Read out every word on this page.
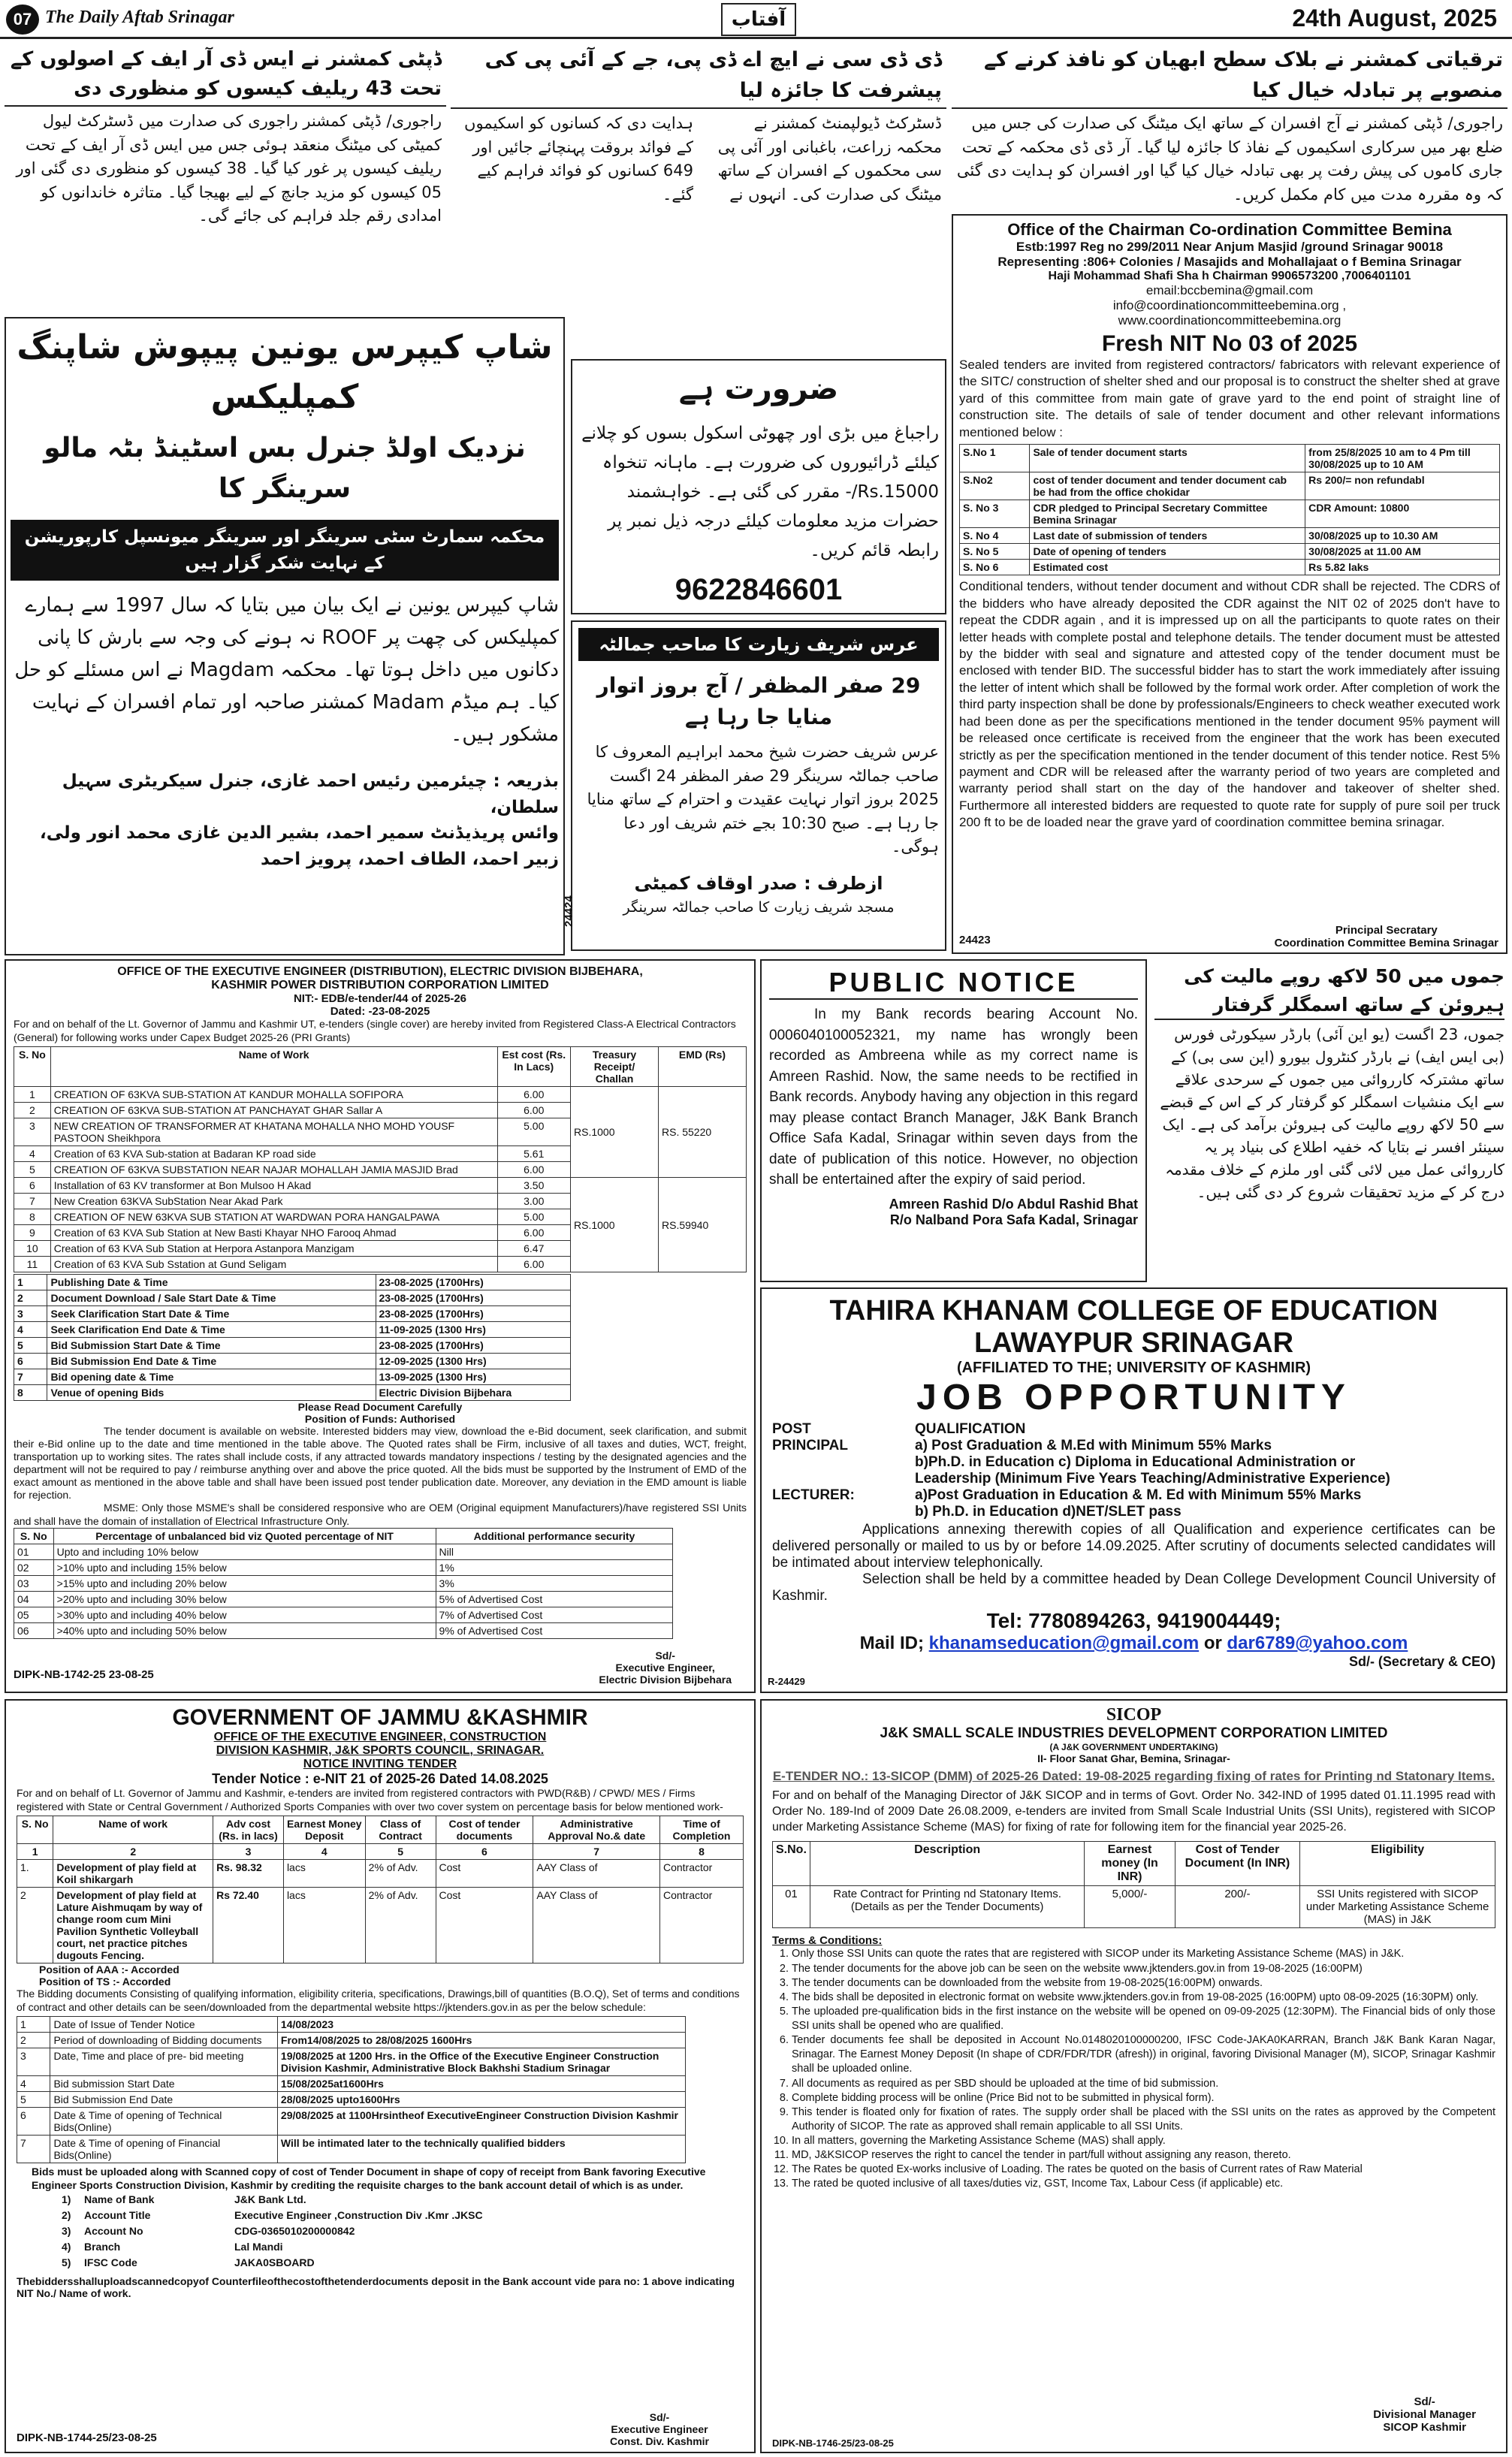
07 The Daily Aftab Srinagar	آفتاب	24th August, 2025
ترقیاتی کمشنر نے بلاک سطح ابھیان کو نافذ کرنے کے منصوبے پر تبادلہ خیال کیا
راجوری/ ڈپٹی کمشنر نے آج افسران کے ساتھ ایک میٹنگ کی صدارت کی جس میں ضلع بھر میں سرکاری اسکیموں کے نفاذ کا جائزہ لیا گیا۔ آر ڈی ڈی محکمہ کے تحت جاری کاموں کی پیش رفت پر بھی تبادلہ خیال کیا گیا اور افسران کو ہدایت دی گئی کہ وہ مقررہ مدت میں کام مکمل کریں۔
ڈی ڈی سی نے ایچ اے ڈی پی، جے کے آئی پی کی پیشرفت کا جائزہ لیا
ڈسٹرکٹ ڈیولپمنٹ کمشنر نے محکمہ زراعت، باغبانی اور آئی پی سی محکموں کے افسران کے ساتھ میٹنگ کی صدارت کی۔ انہوں نے ہدایت دی کہ کسانوں کو اسکیموں کے فوائد بروقت پہنچائے جائیں اور 649 کسانوں کو فوائد فراہم کیے گئے۔
ڈپٹی کمشنر نے ایس ڈی آر ایف کے اصولوں کے تحت 43 ریلیف کیسوں کو منظوری دی
راجوری/ ڈپٹی کمشنر راجوری کی صدارت میں ڈسٹرکٹ لیول کمیٹی کی میٹنگ منعقد ہوئی جس میں ایس ڈی آر ایف کے تحت ریلیف کیسوں پر غور کیا گیا۔ 38 کیسوں کو منظوری دی گئی اور 05 کیسوں کو مزید جانچ کے لیے بھیجا گیا۔ متاثرہ خاندانوں کو امدادی رقم جلد فراہم کی جائے گی۔
شاپ کیپرس یونین پیپوش شاپنگ کمپلیکس
نزدیک اولڈ جنرل بس اسٹینڈ بٹہ مالو سرینگر کا
محکمہ سمارٹ سٹی سرینگر اور سرینگر میونسپل کارپوریشن کے نہایت شکر گزار ہیں
شاپ کیپرس یونین نے ایک بیان میں بتایا کہ سال 1997 سے ہمارے کمپلیکس کی چھت پر ROOF نہ ہونے کی وجہ سے بارش کا پانی دکانوں میں داخل ہوتا تھا۔ محکمہ Magdam نے اس مسئلے کو حل کیا۔ ہم میڈم Madam کمشنر صاحبہ اور تمام افسران کے نہایت مشکور ہیں۔
بذریعہ : چیئرمین رئیس احمد غازی، جنرل سیکریٹری سہیل سلطان،
وائس پریذیڈنٹ سمیر احمد، بشیر الدین غازی محمد انور ولی، زبیر احمد، الطاف احمد، پرویز احمد
ضرورت ہے
راجباغ میں بڑی اور چھوٹی اسکول بسوں کو چلانے کیلئے ڈرائیوروں کی ضرورت ہے۔ ماہانہ تنخواہ Rs.15000/- مقرر کی گئی ہے۔ خواہشمند حضرات مزید معلومات کیلئے درجہ ذیل نمبر پر رابطہ قائم کریں۔
9622846601
عرس شریف زیارت کا صاحب جمالٹہ
29 صفر المظفر / آج بروز اتوار منایا جا رہا ہے
عرس شریف حضرت شیخ محمد ابراہیم المعروف کا صاحب جمالٹہ سرینگر 29 صفر المظفر 24 اگست 2025 بروز اتوار نہایت عقیدت و احترام کے ساتھ منایا جا رہا ہے۔ صبح 10:30 بجے ختم شریف اور دعا ہوگی۔
ازطرف : صدر اوقاف کمیٹی
مسجد شریف زیارت کا صاحب جمالٹہ سرینگر
24424
Office of the Chairman Co-ordination Committee Bemina
Estb:1997 Reg no 299/2011 Near Anjum Masjid /ground Srinagar 90018
Representing :806+ Colonies / Masajids and Mohallajaat o f Bemina Srinagar
Haji Mohammad Shafi Sha h Chairman 9906573200 ,7006401101
email:bccbemina@gmail.com
info@coordinationcommitteebemina.org ,
www.coordinationcommitteebemina.org
Fresh NIT No 03 of 2025
Sealed tenders are invited from registered contractors/ fabricators with relevant experience of the SITC/ construction of shelter shed and our proposal is to construct the shelter shed at grave yard of this committee from main gate of grave yard to the end point of straight line of construction site. The details of sale of tender document and other relevant informations mentioned below :
S.No 1	Sale of tender document starts	from 25/8/2025 10 am to 4 Pm till 30/08/2025 up to 10 AM
S.No2	cost of tender document and tender document cab be had from the office chokidar	Rs 200/= non refundabl
S. No 3	CDR pledged to Principal Secretary Committee Bemina Srinagar	CDR Amount: 10800
S. No 4	Last date of submission of tenders	30/08/2025 up to 10.30 AM
S. No 5	Date of opening of tenders	30/08/2025 at 11.00 AM
S. No 6	Estimated cost	Rs 5.82 laks
Conditional tenders, without tender document and without CDR shall be rejected. The CDRS of the bidders who have already deposited the CDR against the NIT 02 of 2025 don't have to repeat the CDDR again , and it is impressed up on all the participants to quote rates on their letter heads with complete postal and telephone details. The tender document must be attested by the bidder with seal and signature and attested copy of the tender document must be enclosed with tender BID. The successful bidder has to start the work immediately after issuing the letter of intent which shall be followed by the formal work order. After completion of work the third party inspection shall be done by professionals/Engineers to check weather executed work had been done as per the specifications mentioned in the tender document 95% payment will be released once certificate is received from the engineer that the work has been executed strictly as per the specification mentioned in the tender document of this tender notice. Rest 5% payment and CDR will be released after the warranty period of two years are completed and warranty period shall start on the day of the handover and takeover of shelter shed. Furthermore all interested bidders are requested to quote rate for supply of pure soil per truck 200 ft to be de loaded near the grave yard of coordination committee bemina srinagar.
24423
Principal Secratary
Coordination Committee Bemina Srinagar
OFFICE OF THE EXECUTIVE ENGINEER (DISTRIBUTION), ELECTRIC DIVISION BIJBEHARA,
KASHMIR POWER DISTRIBUTION CORPORATION LIMITED
NIT:- EDB/e-tender/44 of 2025-26
Dated: -23-08-2025
For and on behalf of the Lt. Governor of Jammu and Kashmir UT, e-tenders (single cover) are hereby invited from Registered Class-A Electrical Contractors (General) for following works under Capex Budget 2025-26 (PRI Grants)
S. No	Name of Work	Est cost (Rs. In Lacs)	Treasury Receipt/ Challan	EMD (Rs)
1	CREATION OF 63KVA SUB-STATION AT KANDUR MOHALLA SOFIPORA	6.00	RS.1000	RS. 55220
2	CREATION OF 63KVA SUB-STATION AT PANCHAYAT GHAR Sallar A	6.00		
3	NEW CREATION OF TRANSFORMER AT KHATANA MOHALLA NHO MOHD YOUSF PASTOON Sheikhpora	5.00		
4	Creation of 63 KVA Sub-station at Badaran KP road side	5.61		
5	CREATION OF 63KVA SUBSTATION NEAR NAJAR MOHALLAH JAMIA MASJID Brad	6.00		
6	Installation of 63 KV transformer at Bon Mulsoo H Akad	3.50	RS.1000	RS.59940
7	New Creation 63KVA SubStation Near Akad Park	3.00		
8	CREATION OF NEW 63KVA SUB STATION AT WARDWAN PORA HANGALPAWA	5.00		
9	Creation of 63 KVA Sub Station at New Basti Khayar NHO Farooq Ahmad	6.00		
10	Creation of 63 KVA Sub Station at Herpora Astanpora Manzigam	6.47		
11	Creation of 63 KVA Sub Sstation at Gund Seligam	6.00		
1	Publishing Date & Time	23-08-2025 (1700Hrs)
2	Document Download / Sale Start Date & Time	23-08-2025 (1700Hrs)
3	Seek Clarification Start Date & Time	23-08-2025 (1700Hrs)
4	Seek Clarification End Date & Time	11-09-2025 (1300 Hrs)
5	Bid Submission Start Date & Time	23-08-2025 (1700Hrs)
6	Bid Submission End Date & Time	12-09-2025 (1300 Hrs)
7	Bid opening date & Time	13-09-2025 (1300 Hrs)
8	Venue of opening Bids	Electric Division Bijbehara
Please Read Document Carefully
Position of Funds: Authorised
The tender document is available on website. Interested bidders may view, download the e-Bid document, seek clarification, and submit their e-Bid online up to the date and time mentioned in the table above. The Quoted rates shall be Firm, inclusive of all taxes and duties, WCT, freight, transportation up to working sites. The rates shall include costs, if any attracted towards mandatory inspections / testing by the designated agencies and the department will not be required to pay / reimburse anything over and above the price quoted. All the bids must be supported by the Instrument of EMD of the exact amount as mentioned in the above table and shall have been issued post tender publication date. Moreover, any deviation in the EMD amount is liable for rejection.
MSME: Only those MSME's shall be considered responsive who are OEM (Original equipment Manufacturers)/have registered SSI Units and shall have the domain of installation of Electrical Infrastructure Only.
S. No	Percentage of unbalanced bid viz Quoted percentage of NIT	Additional performance security
01	Upto and including 10% below	Nill
02	>10% upto and including 15% below	1%
03	>15% upto and including 20% below	3%
04	>20% upto and including 30% below	5% of Advertised Cost
05	>30% upto and including 40% below	7% of Advertised Cost
06	>40% upto and including 50% below	9% of Advertised Cost
DIPK-NB-1742-25 23-08-25
Sd/-
Executive Engineer,
Electric Division Bijbehara
PUBLIC NOTICE
In my Bank records bearing Account No. 0006040100052321, my name has wrongly been recorded as Ambreena while as my correct name is Amreen Rashid. Now, the same needs to be rectified in Bank records. Anybody having any objection in this regard may please contact Branch Manager, J&K Bank Branch Office Safa Kadal, Srinagar within seven days from the date of publication of this notice. However, no objection shall be entertained after the expiry of said period.
Amreen Rashid D/o Abdul Rashid Bhat
R/o Nalband Pora Safa Kadal, Srinagar
جموں میں 50 لاکھ روپے مالیت کی ہیروئن کے ساتھ اسمگلر گرفتار
جموں، 23 اگست (یو این آئی) بارڈر سیکورٹی فورس (بی ایس ایف) نے بارڈر کنٹرول بیورو (این سی بی) کے ساتھ مشترکہ کارروائی میں جموں کے سرحدی علاقے سے ایک منشیات اسمگلر کو گرفتار کر کے اس کے قبضے سے 50 لاکھ روپے مالیت کی ہیروئن برآمد کی ہے۔ ایک سینئر افسر نے بتایا کہ خفیہ اطلاع کی بنیاد پر یہ کارروائی عمل میں لائی گئی اور ملزم کے خلاف مقدمہ درج کر کے مزید تحقیقات شروع کر دی گئی ہیں۔
TAHIRA KHANAM COLLEGE OF EDUCATION
LAWAYPUR SRINAGAR
(AFFILIATED TO THE; UNIVERSITY OF KASHMIR)
JOB OPPORTUNITY
POST	QUALIFICATION
PRINCIPAL	a) Post Graduation & M.Ed with Minimum 55% Marks
b)Ph.D. in Education c) Diploma in Educational Administration or
Leadership (Minimum Five Years Teaching/Administrative Experience)
LECTURER:	a)Post Graduation in Education & M. Ed with Minimum 55% Marks
b) Ph.D. in Education d)NET/SLET pass
Applications annexing therewith copies of all Qualification and experience certificates can be delivered personally or mailed to us by or before 14.09.2025. After scrutiny of documents selected candidates will be intimated about interview telephonically.
Selection shall be held by a committee headed by Dean College Development Council University of Kashmir.
Tel: 7780894263, 9419004449;
Mail ID; khanamseducation@gmail.com or dar6789@yahoo.com
Sd/- (Secretary & CEO)
R-24429
GOVERNMENT OF JAMMU &KASHMIR
OFFICE OF THE EXECUTIVE ENGINEER, CONSTRUCTION
DIVISION KASHMIR, J&K SPORTS COUNCIL, SRINAGAR.
NOTICE INVITING TENDER
Tender Notice : e-NIT 21 of 2025-26 Dated 14.08.2025
For and on behalf of Lt. Governor of Jammu and Kashmir, e-tenders are invited from registered contractors with PWD(R&B) / CPWD/ MES / Firms registered with State or Central Government / Authorized Sports Companies with over two cover system on percentage basis for below mentioned work-
S. No	Name of work	Adv cost (Rs. in lacs)	Earnest Money Deposit	Class of Contract	Cost of tender documents	Administrative Approval No.& date	Time of Completion
1	2	3	4	5	6	7	8
1.	Development of play field at Koil shikargarh	Rs. 98.32	lacs	2% of Adv.	Cost	AAY Class of	Contractor
2	Development of play field at Lature Aishmuqam by way of change room cum Mini Pavilion Synthetic Volleyball court, net practice pitches dugouts Fencing.	Rs 72.40	lacs	2% of Adv.	Cost	AAY Class of	Contractor
Position of AAA :- Accorded
Position of TS :- Accorded
The Bidding documents Consisting of qualifying information, eligibility criteria, specifications, Drawings,bill of quantities (B.O.Q), Set of terms and conditions of contract and other details can be seen/downloaded from the departmental website https://jktenders.gov.in as per the below schedule:
1	Date of Issue of Tender Notice	14/08/2023
2	Period of downloading of Bidding documents	From14/08/2025 to 28/08/2025 1600Hrs
3	Date, Time and place of pre- bid meeting	19/08/2025 at 1200 Hrs. in the Office of the Executive Engineer Construction Division Kashmir, Administrative Block Bakhshi Stadium Srinagar
4	Bid submission Start Date	15/08/2025at1600Hrs
5	Bid Submission End Date	28/08/2025 upto1600Hrs
6	Date & Time of opening of Technical Bids(Online)	29/08/2025 at 1100Hrsintheof ExecutiveEngineer Construction Division Kashmir
7	Date & Time of opening of Financial Bids(Online)	Will be intimated later to the technically qualified bidders
Bids must be uploaded along with Scanned copy of cost of Tender Document in shape of copy of receipt from Bank favoring Executive Engineer Sports Construction Division, Kashmir by crediting the requisite charges to the bank account detail of which is as under.
1)	Name of Bank	J&K Bank Ltd.
2)	Account Title	Executive Engineer ,Construction Div .Kmr .JKSC
3)	Account No	CDG-0365010200000842
4)	Branch	Lal Mandi
5)	IFSC Code	JAKA0SBOARD
Thebiddersshalluploadscannedcopyof Counterfileofthecostofthetenderdocuments deposit in the Bank account vide para no: 1 above indicating NIT No./ Name of work.
DIPK-NB-1744-25/23-08-25
Sd/-
Executive Engineer
Const. Div. Kashmir
SICOP
J&K SMALL SCALE INDUSTRIES DEVELOPMENT CORPORATION LIMITED
(A J&K GOVERNMENT UNDERTAKING)
II- Floor Sanat Ghar, Bemina, Srinagar-
E-TENDER NO.: 13-SICOP (DMM) of 2025-26 Dated: 19-08-2025 regarding fixing of rates for Printing nd Statonary Items.
For and on behalf of the Managing Director of J&K SICOP and in terms of Govt. Order No. 342-IND of 1995 dated 01.11.1995 read with Order No. 189-Ind of 2009 Date 26.08.2009, e-tenders are invited from Small Scale Industrial Units (SSI Units), registered with SICOP under Marketing Assistance Scheme (MAS) for fixing of rate for following item for the financial year 2025-26.
S.No.	Description	Earnest money (In INR)	Cost of Tender Document (In INR)	Eligibility
01	Rate Contract for Printing nd Statonary Items. (Details as per the Tender Documents)	5,000/-	200/-	SSI Units registered with SICOP under Marketing Assistance Scheme (MAS) in J&K
Terms & Conditions:
1. Only those SSI Units can quote the rates that are registered with SICOP under its Marketing Assistance Scheme (MAS) in J&K.
2. The tender documents for the above job can be seen on the website www.jktenders.gov.in from 19-08-2025 (16:00PM)
3. The tender documents can be downloaded from the website from 19-08-2025(16:00PM) onwards.
4. The bids shall be deposited in electronic format on website www.jktenders.gov.in from 19-08-2025 (16:00PM) upto 08-09-2025 (16:30PM) only.
5. The uploaded pre-qualification bids in the first instance on the website will be opened on 09-09-2025 (12:30PM). The Financial bids of only those SSI units shall be opened who are qualified.
6. Tender documents fee shall be deposited in Account No.0148020100000200, IFSC Code-JAKA0KARRAN, Branch J&K Bank Karan Nagar, Srinagar. The Earnest Money Deposit (In shape of CDR/FDR/TDR (afresh)) in original, favoring Divisional Manager (M), SICOP, Srinagar Kashmir shall be uploaded online.
7. All documents as required as per SBD should be uploaded at the time of bid submission.
8. Complete bidding process will be online (Price Bid not to be submitted in physical form).
9. This tender is floated only for fixation of rates. The supply order shall be placed with the SSI units on the rates as approved by the Competent Authority of SICOP. The rate as approved shall remain applicable to all SSI Units.
10. In all matters, governing the Marketing Assistance Scheme (MAS) shall apply.
11. MD, J&KSICOP reserves the right to cancel the tender in part/full without assigning any reason, thereto.
12. The Rates be quoted Ex-works inclusive of Loading. The rates be quoted on the basis of Current rates of Raw Material
13. The rated be quoted inclusive of all taxes/duties viz, GST, Income Tax, Labour Cess (if applicable) etc.
Sd/-
Divisional Manager
SICOP Kashmir
DIPK-NB-1746-25/23-08-25
